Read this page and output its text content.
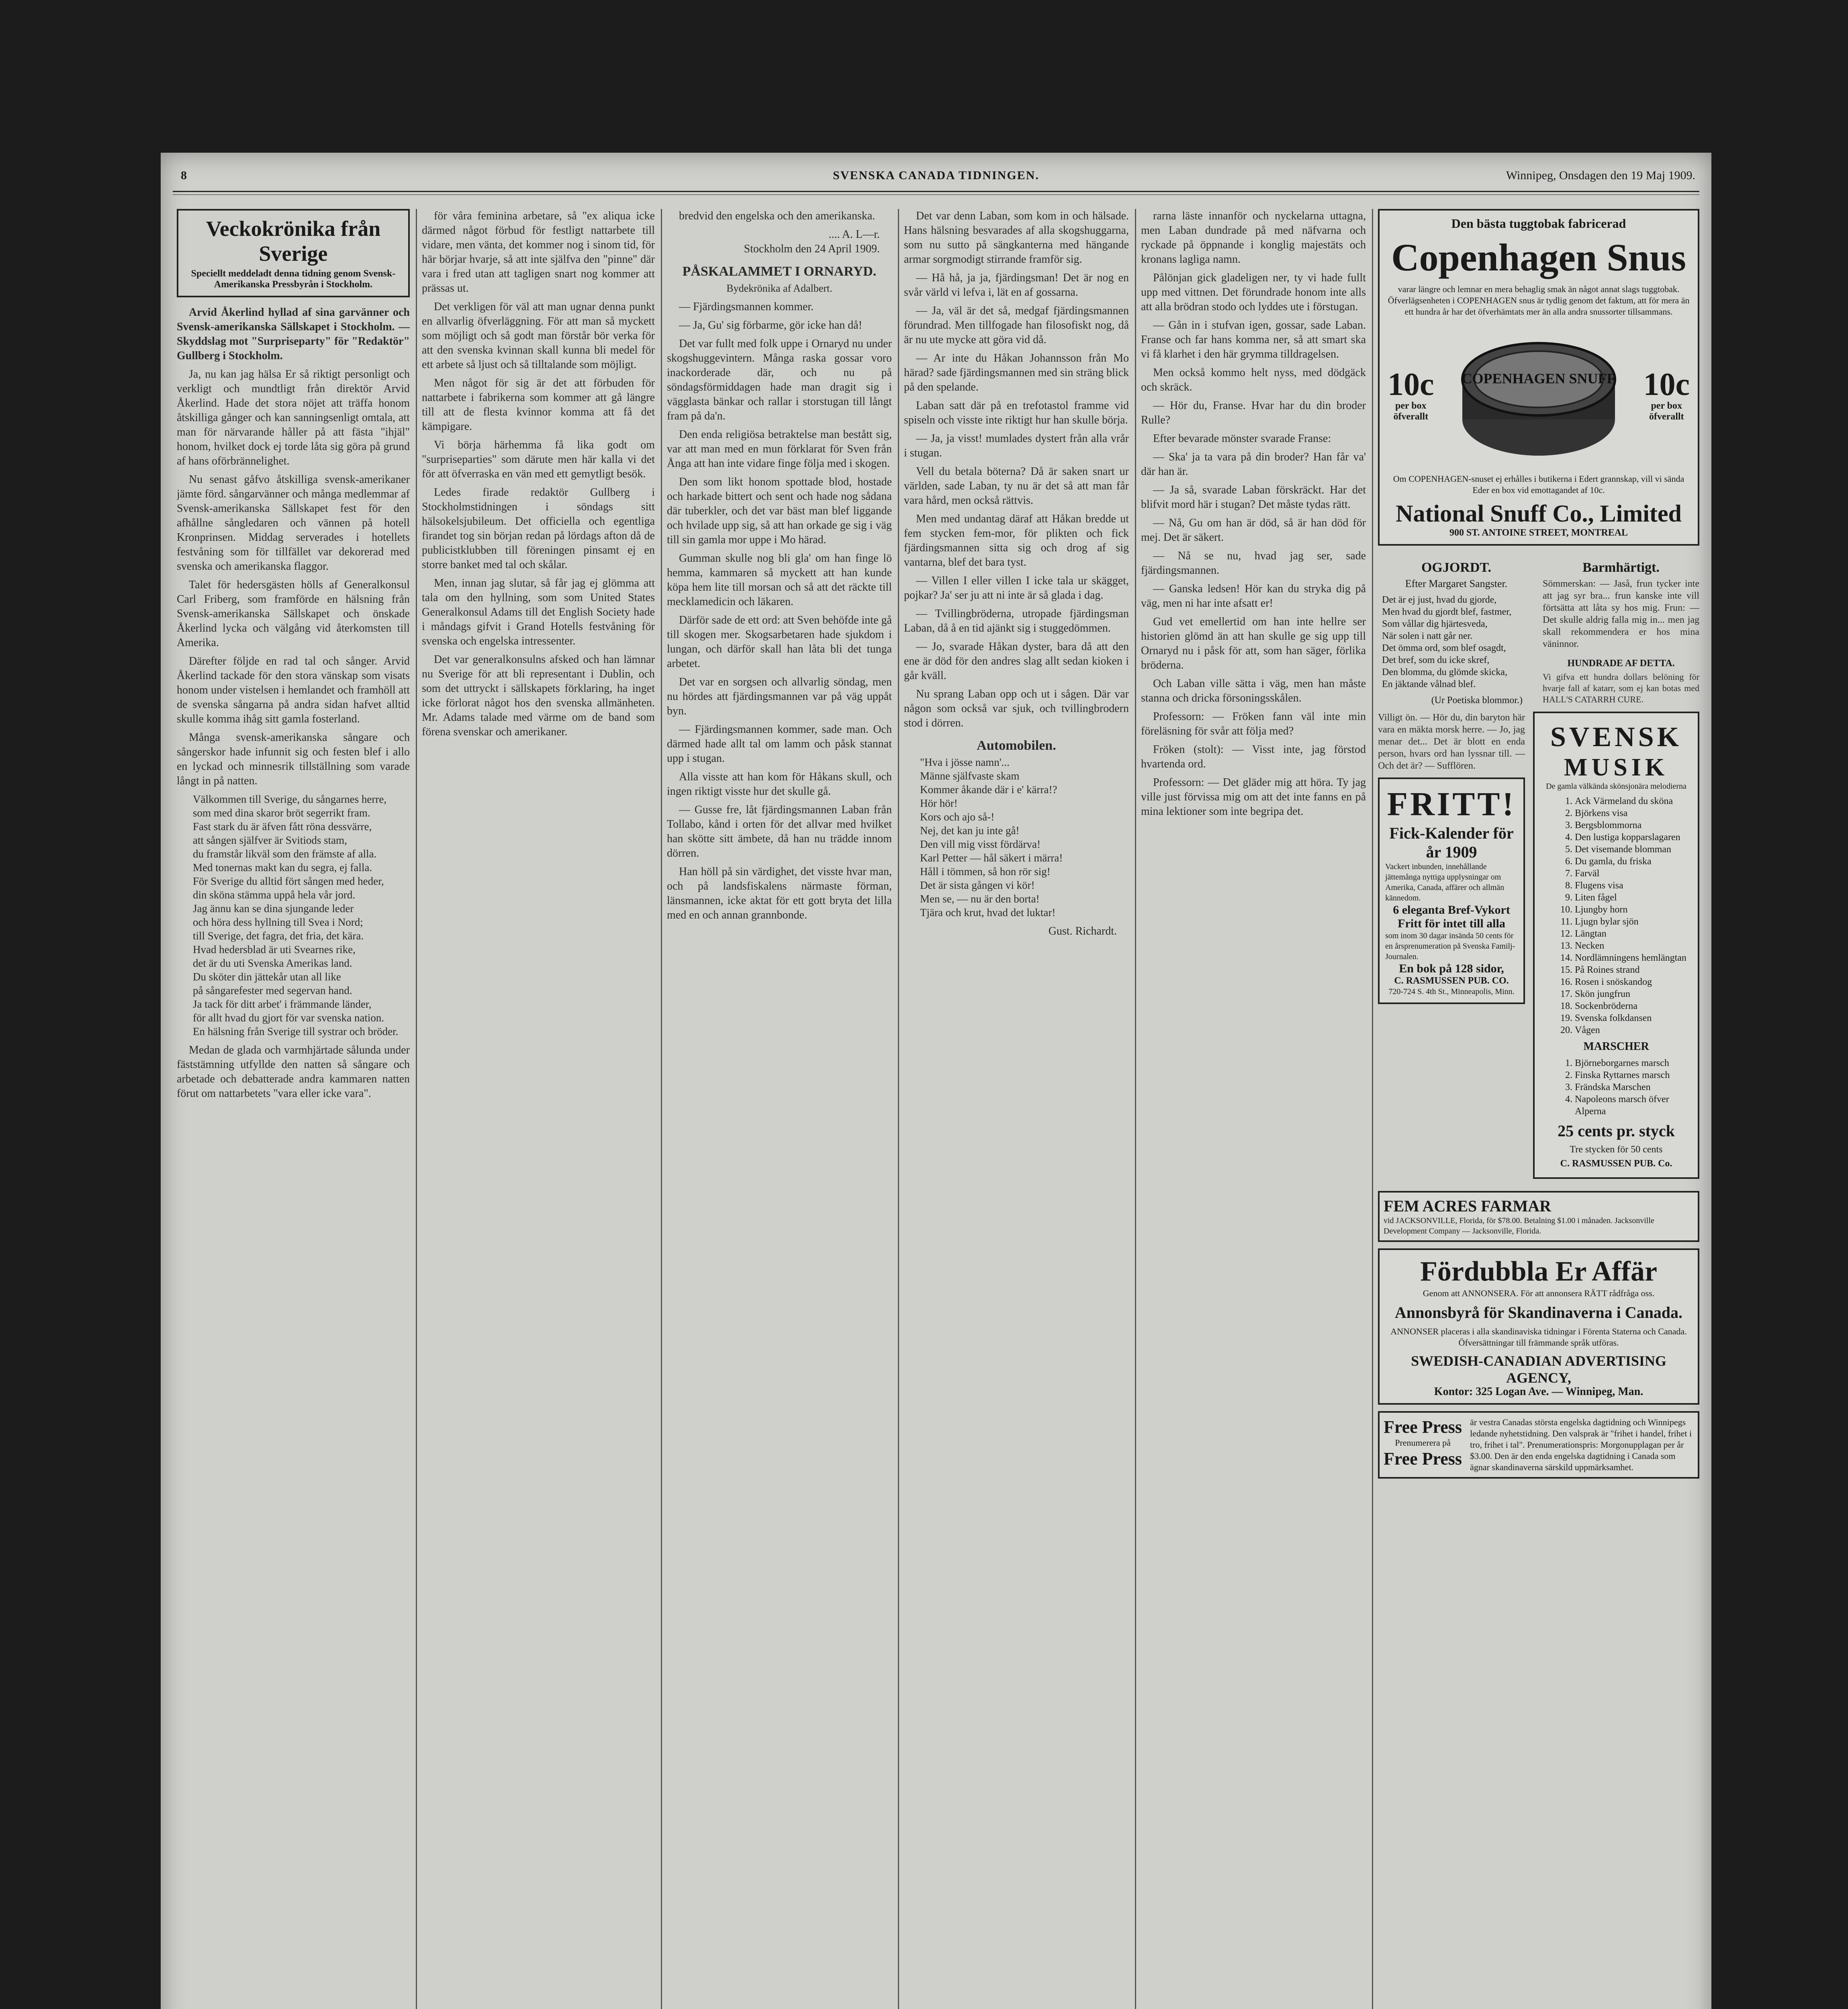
8	SVENSKA CANADA TIDNINGEN.	Winnipeg, Onsdagen den 19 Maj 1909.
Veckokrönika från Sverige
Speciellt meddeladt denna tidning genom Svensk-Amerikanska Pressbyrån i Stockholm.

Arvid Åkerlind hyllad af sina garvänner och Svensk-amerikanska Sällskapet i Stockholm. — Skyddslag mot "Surpriseparty" för "Redaktör" Gullberg i Stockholm.

Ja, nu kan jag hälsa Er så riktigt personligt och verkligt och mundtligt från direktör Arvid Åkerlind. Hade det stora nöjet att träffa honom åtskilliga gånger och kan sanningsenligt omtala, att man för närvarande håller på att fästa "ihjäl" honom, hvilket dock ej torde låta sig göra på grund af hans oförbrännelighet.

Nu senast gåfvo åtskilliga svensk-amerikaner jämte förd. sångarvänner och många medlemmar af Svensk-amerikanska Sällskapet fest för den afhållne sångledaren och vännen på hotell Kronprinsen. Middag serverades i hotellets festvåning som för tillfället var dekorerad med svenska och amerikanska flaggor.

Talet för hedersgästen hölls af Generalkonsul Carl Friberg, som framförde en hälsning från Svensk-amerikanska Sällskapet och önskade Åkerlind lycka och välgång vid återkomsten till Amerika.

Därefter följde en rad tal och sånger. Arvid Åkerlind tackade för den stora vänskap som visats honom under vistelsen i hemlandet och framhöll att de svenska sångarna på andra sidan hafvet alltid skulle komma ihåg sitt gamla fosterland.

Många svensk-amerikanska sångare och sångerskor hade infunnit sig och festen blef i allo en lyckad och minnesrik tillställning som varade långt in på natten.

Välkommen till Sverige, du sångarnes herre,
som med dina skaror bröt segerrikt fram.
Fast stark du är äfven fått röna dessvärre,
att sången själfver är Svitiods stam,
du framstår likväl som den främste af alla.
Med tonernas makt kan du segra, ej falla.
För Sverige du alltid fört sången med heder,
din sköna stämma uppå hela vår jord.
Jag ännu kan se dina sjungande leder
och höra dess hyllning till Svea i Nord;
till Sverige, det fagra, det fria, det kära.
Hvad hedersblad är uti Svearnes rike,
det är du uti Svenska Amerikas land.
Du sköter din jättekår utan all like
på sångarefester med segervan hand.
Ja tack för ditt arbet' i främmande länder,
för allt hvad du gjort för var svenska nation.
En hälsning från Sverige till systrar och bröder.

Medan de glada och varmhjärtade sålunda under fäststämning utfyllde den natten så sångare och arbetade och debatterade andra kammaren natten förut om nattarbetets "vara eller icke vara".

för våra feminina arbetare, så "ex aliqua icke därmed något förbud för festligt nattarbete till vidare, men vänta, det kommer nog i sinom tid, för här börjar hvarje, så att inte själfva den "pinne" där vara i fred utan att tagligen snart nog kommer att prässas ut.

Det verkligen för väl att man ugnar denna punkt en allvarlig öfverläggning. För att man så myckett som möjligt och så godt man förstår bör verka för att den svenska kvinnan skall kunna bli medel för ett arbete så ljust och så tilltalande som möjligt.

Men något för sig är det att förbuden för nattarbete i fabrikerna som kommer att gå längre till att de flesta kvinnor komma att få det kämpigare.

Vi börja härhemma få lika godt om "surpriseparties" som därute men här kalla vi det för att öfverraska en vän med ett gemytligt besök.

Ledes firade redaktör Gullberg i Stockholmstidningen i söndags sitt hälsokelsjubileum. Det officiella och egentliga firandet tog sin början redan på lördags afton då de publicistklubben till föreningen pinsamt ej en storre banket med tal och skålar.

Men, innan jag slutar, så får jag ej glömma att tala om den hyllning, som som United States Generalkonsul Adams till det English Society hade i måndags gifvit i Grand Hotells festvåning för svenska och engelska intressenter.

Det var generalkonsulns afsked och han lämnar nu Sverige för att bli representant i Dublin, och som det uttryckt i sällskapets förklaring, ha inget icke förlorat något hos den svenska allmänheten. Mr. Adams talade med värme om de band som förena svenskar och amerikaner.

bredvid den engelska och den amerikanska.

.... A. L—r.
Stockholm den 24 April 1909.
PÅSKALAMMET I ORNARYD.
Bydekrönika af Adalbert.

— Fjärdingsmannen kommer.

— Ja, Gu' sig förbarme, gör icke han då!

Det var fullt med folk uppe i Ornaryd nu under skogshuggevintern. Många raska gossar voro inackorderade där, och nu på söndagsförmiddagen hade man dragit sig i vägglasta bänkar och rallar i storstugan till långt fram på da'n.

Den enda religiösa betraktelse man bestått sig, var att man med en mun förklarat för Sven från Ånga att han inte vidare finge följa med i skogen.

Den som likt honom spottade blod, hostade och harkade bittert och sent och hade nog sådana där tuberkler, och det var bäst man blef liggande och hvilade upp sig, så att han orkade ge sig i väg till sin gamla mor uppe i Mo härad.

Gumman skulle nog bli gla' om han finge lö hemma, kammaren så myckett att han kunde köpa hem lite till morsan och så att det räckte till mecklamedicin och läkaren.

Därför sade de ett ord: att Sven behöfde inte gå till skogen mer. Skogsarbetaren hade sjukdom i lungan, och därför skall han låta bli det tunga arbetet.

Det var en sorgsen och allvarlig söndag, men nu hördes att fjärdingsmannen var på väg uppåt byn.

— Fjärdingsmannen kommer, sade man. Och därmed hade allt tal om lamm och påsk stannat upp i stugan.

Alla visste att han kom för Håkans skull, och ingen riktigt visste hur det skulle gå.

— Gusse fre, låt fjärdingsmannen Laban från Tollabo, kånd i orten för det allvar med hvilket han skötte sitt ämbete, då han nu trädde innom dörren.

Han höll på sin värdighet, det visste hvar man, och på landsfiskalens närmaste förman, länsmannen, icke aktat för ett gott bryta det lilla med en och annan grannbonde.

Det var denn Laban, som kom in och hälsade. Hans hälsning besvarades af alla skogshuggarna, som nu sutto på sängkanterna med hängande armar sorgmodigt stirrande framför sig.

— Hå hå, ja ja, fjärdingsman! Det är nog en svår värld vi lefva i, lät en af gossarna.

— Ja, väl är det så, medgaf fjärdingsmannen förundrad. Men tillfogade han filosofiskt nog, då är nu ute mycke att göra vid då.

— Ar inte du Håkan Johannsson från Mo härad? sade fjärdingsmannen med sin sträng blick på den spelande.

Laban satt där på en trefotastol framme vid spiseln och visste inte riktigt hur han skulle börja.

— Ja, ja visst! mumlades dystert från alla vrår i stugan.

Vell du betala böterna? Då är saken snart ur världen, sade Laban, ty nu är det så att man får vara hård, men också rättvis.

Men med undantag däraf att Håkan bredde ut fem stycken fem-mor, för plikten och fick fjärdingsmannen sitta sig och drog af sig vantarna, blef det bara tyst.

— Villen I eller villen I icke tala ur skägget, pojkar? Ja' ser ju att ni inte är så glada i dag.

— Tvillingbröderna, utropade fjärdingsman Laban, då å en tid ajänkt sig i stuggedömmen.

— Jo, svarade Håkan dyster, bara då att den ene är död för den andres slag allt sedan kioken i går kväll.

Nu sprang Laban opp och ut i sågen. Där var någon som också var sjuk, och tvillingbrodern stod i dörren.

Automobilen.
"Hva i jösse namn'...
Männe själfvaste skam
Kommer åkande där i e' kärra!?
Hör hör!
Kors och ajo så-!
Nej, det kan ju inte gå!
Den vill mig visst fördärva!
Karl Petter — hål säkert i märra!
Håll i tömmen, så hon rör sig!
Det är sista gången vi kör!
Men se, — nu är den borta!
Tjära och krut, hvad det luktar!
Gust. Richardt.

rarna läste innanför och nyckelarna uttagna, men Laban dundrade på med näfvarna och ryckade på öppnande i konglig majestäts och kronans lagliga namn.

Pålönjan gick gladeligen ner, ty vi hade fullt upp med vittnen. Det förundrade honom inte alls att alla brödran stodo och lyddes ute i förstugan.

— Gån in i stufvan igen, gossar, sade Laban. Franse och far hans komma ner, så att smart ska vi få klarhet i den här grymma tilldragelsen.

Men också kommo helt nyss, med dödgäck och skräck.

— Hör du, Franse. Hvar har du din broder Rulle?

Efter bevarade mönster svarade Franse:

— Ska' ja ta vara på din broder? Han får va' där han är.

— Ja så, svarade Laban förskräckt. Har det blifvit mord här i stugan? Det måste tydas rätt.

— Nå, Gu om han är död, så är han död för mej. Det är säkert.

— Nå se nu, hvad jag ser, sade fjärdingsmannen.

— Ganska ledsen! Hör kan du stryka dig på väg, men ni har inte afsatt er!

Gud vet emellertid om han inte hellre ser historien glömd än att han skulle ge sig upp till Ornaryd nu i påsk för att, som han säger, förlika bröderna.

Och Laban ville sätta i väg, men han måste stanna och dricka försoningsskålen.

Professorn: — Fröken fann väl inte min föreläsning för svår att följa med?

Fröken (stolt): — Visst inte, jag förstod hvartenda ord.

Professorn: — Det gläder mig att höra. Ty jag ville just förvissa mig om att det inte fanns en på mina lektioner som inte begripa det.

Den bästa tuggtobak fabricerad
Copenhagen Snus
varar längre och lemnar en mera behaglig smak än något annat slags tuggtobak.
Öfverlägsenheten i COPENHAGEN snus är tydlig genom det faktum, att för mera än ett hundra år har det öfverhämtats mer än alla andra snussorter tillsammans.
10c
per box
öfverallt
COPENHAGEN SNUFF 10c
per box
öfverallt
Om COPENHAGEN-snuset ej erhålles i butikerna i Edert grannskap, vill vi sända Eder en box vid emottagandet af 10c.
National Snuff Co., Limited
900 ST. ANTOINE STREET, MONTREAL
OGJORDT.
Efter Margaret Sangster.
Det är ej just, hvad du gjorde,
Men hvad du gjordt blef, fastmer,
Som vållar dig hjärtesveda,
När solen i natt går ner.
Det ömma ord, som blef osagdt,
Det bref, som du icke skref,
Den blomma, du glömde skicka,
En jäktande vålnad blef.
(Ur Poetiska blommor.)
Barmhärtigt.
Sömmerskan: — Jaså, frun tycker inte att jag syr bra... frun kanske inte vill förtsätta att låta sy hos mig. Frun: — Det skulle aldrig falla mig in... men jag skall rekommendera er hos mina väninnor.
HUNDRADE AF DETTA.
Vi gifva ett hundra dollars belöning för hvarje fall af katarr, som ej kan botas med HALL'S CATARRH CURE.
Villigt ön. — Hör du, din baryton här vara en mäkta morsk herre. — Jo, jag menar det... Det är blott en enda person, hvars ord han lyssnar till. — Och det är? — Sufflören.
FRITT!
Fick-Kalender för år 1909
Vackert inbunden, innehållande jättemånga nyttiga upplysningar om Amerika, Canada, affärer och allmän kännedom.
6 eleganta Bref-Vykort
Fritt för intet till alla
som inom 30 dagar insända 50 cents för en årsprenumeration på Svenska Familj-Journalen.
En bok på 128 sidor,
C. RASMUSSEN PUB. CO.
720-724 S. 4th St., Minneapolis, Minn.
SVENSK
MUSIK
De gamla välkända skönsjonära melodierna
1. Ack Värmeland du sköna
2. Björkens visa
3. Bergsblommorna
4. Den lustiga kopparslagaren
5. Det visemande blomman
6. Du gamla, du friska
7. Farväl
8. Flugens visa
9. Liten fågel
10. Ljungby horn
11. Ljugn bylar sjön
12. Längtan
13. Necken
14. Nordlämningens hemlängtan
15. På Roines strand
16. Rosen i snöskandog
17. Skön jungfrun
18. Sockenbröderna
19. Svenska folkdansen
20. Vågen
MARSCHER
1. Björneborgarnes marsch
2. Finska Ryttarnes marsch
3. Frändska Marschen
4. Napoleons marsch öfver Alperna
25 cents pr. styck
Tre stycken för 50 cents
C. RASMUSSEN PUB. Co.
FEM ACRES FARMAR
vid JACKSONVILLE, Florida, för $78.00. Betalning $1.00 i månaden. Jacksonville Development Company — Jacksonville, Florida.
Fördubbla Er Affär
Genom att ANNONSERA. För att annonsera RÄTT rådfråga oss.
Annonsbyrå för Skandinaverna i Canada.
ANNONSER placeras i alla skandinaviska tidningar i Förenta Staterna och Canada. Öfversättningar till främmande språk utföras.
SWEDISH-CANADIAN ADVERTISING AGENCY,
Kontor: 325 Logan Ave. — Winnipeg, Man.
Free Press
Prenumerera på
Free Press
är vestra Canadas största engelska dagtidning och Winnipegs ledande nyhetstidning. Den valsprak är "frihet i handel, frihet i tro, frihet i tal". Prenumerationspris: Morgonupplagan per år $3.00. Den är den enda engelska dagtidning i Canada som ägnar skandinaverna särskild uppmärksamhet.
